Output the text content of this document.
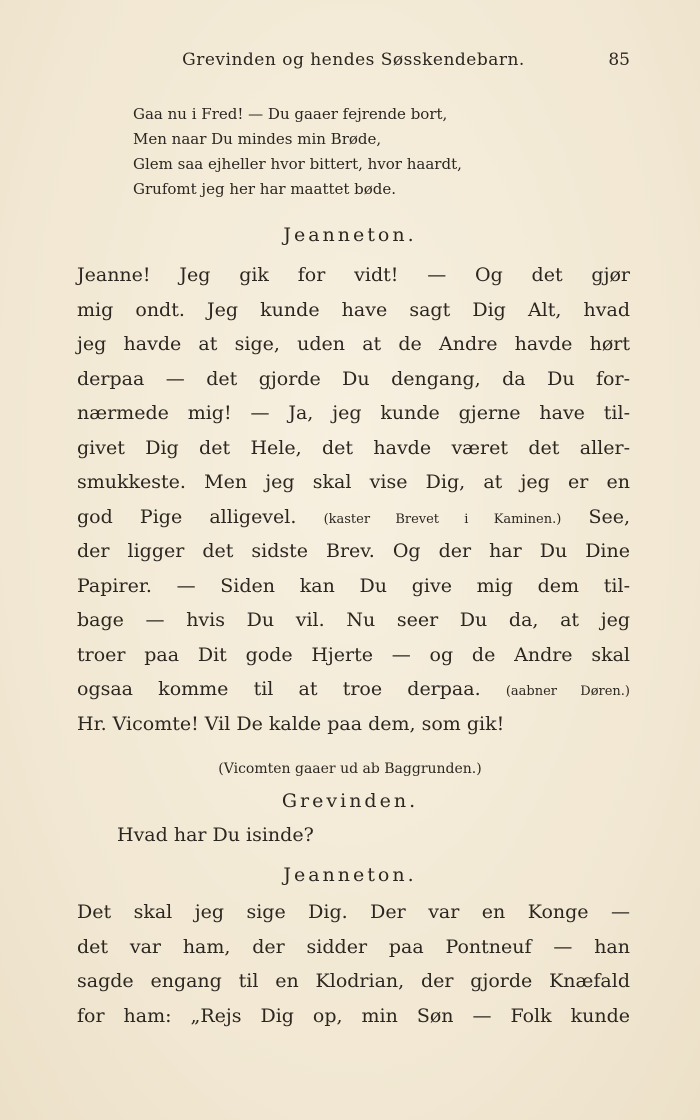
Grevinden og hendes Søsskendebarn.	85
Gaa nu i Fred! — Du gaaer fejrende bort,
Men naar Du mindes min Brøde,
Glem saa ejheller hvor bittert, hvor haardt,
Grufomt jeg her har maattet bøde.
Jeanneton.
Jeanne! Jeg gik for vidt! — Og det gjør
mig ondt. Jeg kunde have sagt Dig Alt, hvad
jeg havde at sige, uden at de Andre havde hørt
derpaa — det gjorde Du dengang, da Du for-
nærmede mig! — Ja, jeg kunde gjerne have til-
givet Dig det Hele, det havde været det aller-
smukkeste. Men jeg skal vise Dig, at jeg er en
god Pige alligevel. (kaster Brevet i Kaminen.) See,
der ligger det sidste Brev. Og der har Du Dine
Papirer. — Siden kan Du give mig dem til-
bage — hvis Du vil. Nu seer Du da, at jeg
troer paa Dit gode Hjerte — og de Andre skal
ogsaa komme til at troe derpaa. (aabner Døren.)
Hr. Vicomte! Vil De kalde paa dem, som gik!
(Vicomten gaaer ud ab Baggrunden.)
Grevinden.
Hvad har Du isinde?
Jeanneton.
Det skal jeg sige Dig. Der var en Konge —
det var ham, der sidder paa Pontneuf — han
sagde engang til en Klodrian, der gjorde Knæfald
for ham: „Rejs Dig op, min Søn — Folk kunde
